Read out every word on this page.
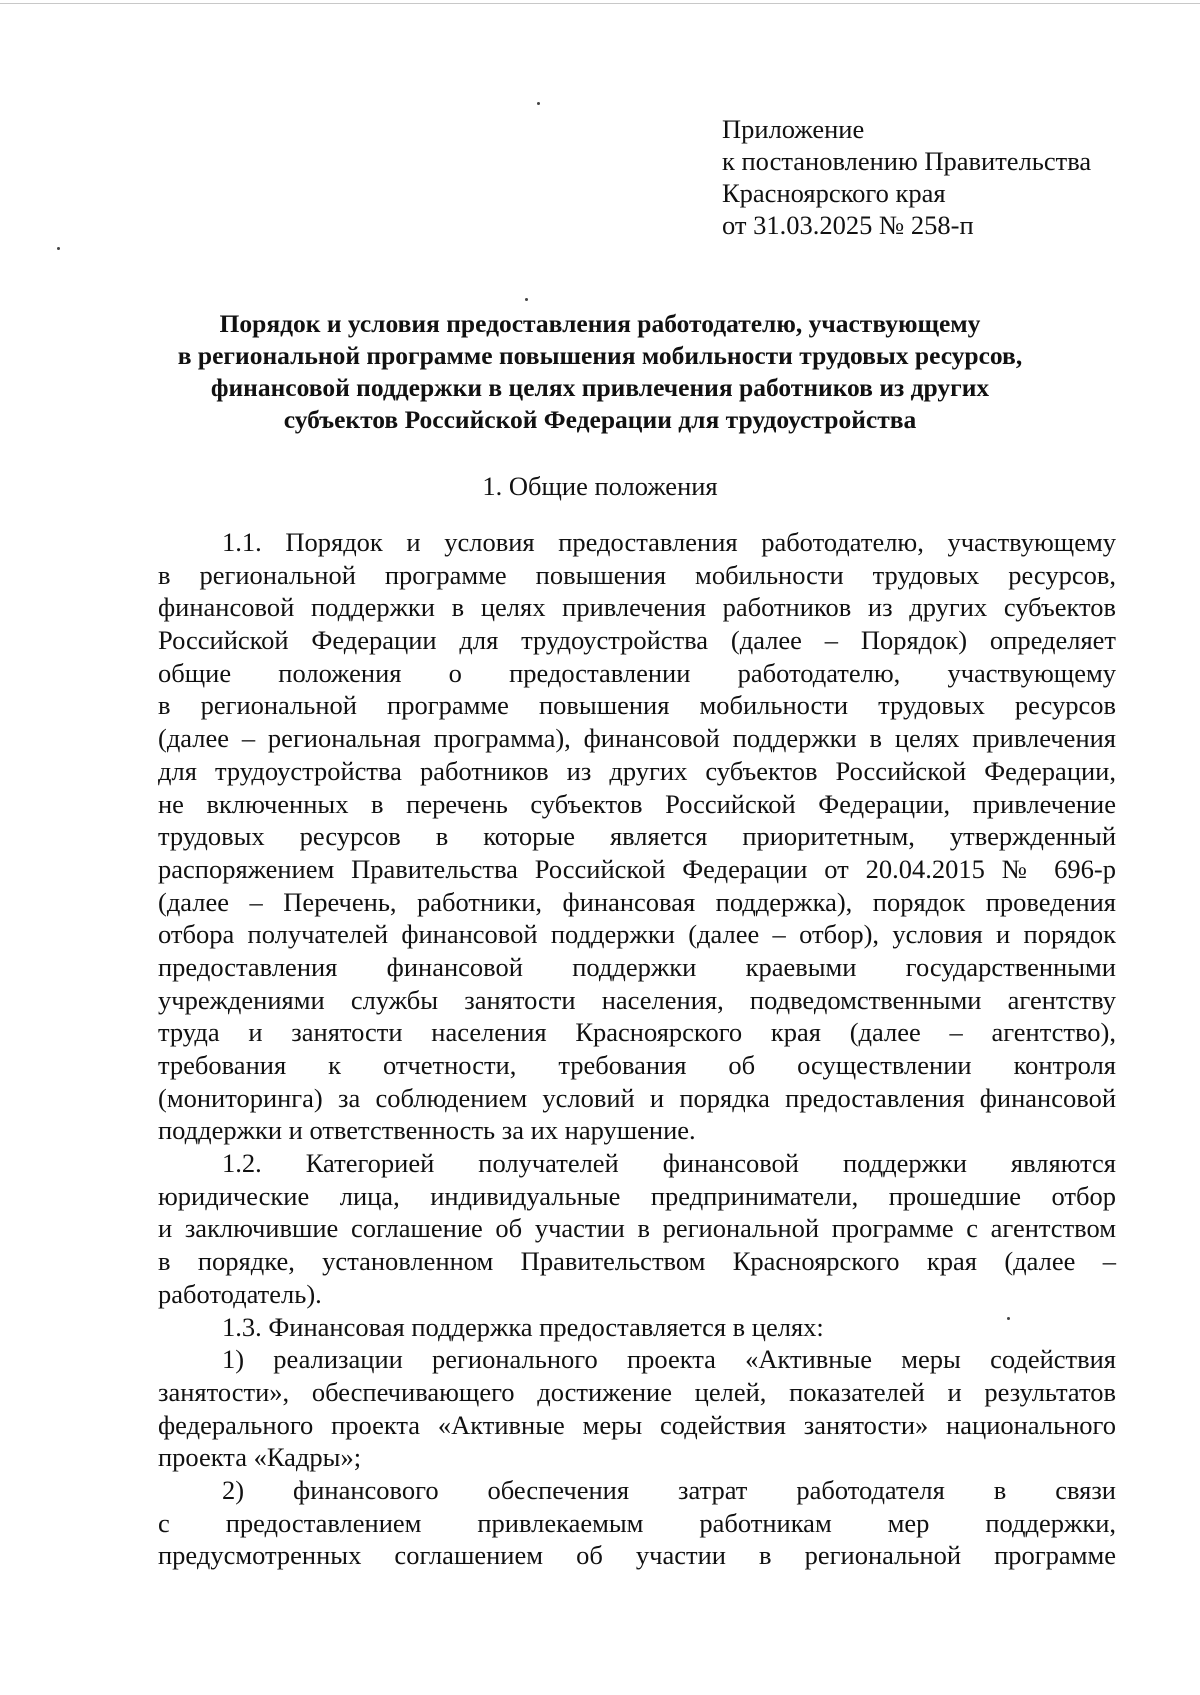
Приложение
к постановлению Правительства
Красноярского края
от 31.03.2025 № 258-п
Порядок и условия предоставления работодателю, участвующему
в региональной программе повышения мобильности трудовых ресурсов,
финансовой поддержки в целях привлечения работников из других
субъектов Российской Федерации для трудоустройства
1. Общие положения
1.1. Порядок и условия предоставления работодателю, участвующему
в региональной программе повышения мобильности трудовых ресурсов,
финансовой поддержки в целях привлечения работников из других субъектов
Российской Федерации для трудоустройства (далее – Порядок) определяет
общие положения о предоставлении работодателю, участвующему
в региональной программе повышения мобильности трудовых ресурсов
(далее – региональная программа), финансовой поддержки в целях привлечения
для трудоустройства работников из других субъектов Российской Федерации,
не включенных в перечень субъектов Российской Федерации, привлечение
трудовых ресурсов в которые является приоритетным, утвержденный
распоряжением Правительства Российской Федерации от 20.04.2015 № 696-р
(далее – Перечень, работники, финансовая поддержка), порядок проведения
отбора получателей финансовой поддержки (далее – отбор), условия и порядок
предоставления финансовой поддержки краевыми государственными
учреждениями службы занятости населения, подведомственными агентству
труда и занятости населения Красноярского края (далее – агентство),
требования к отчетности, требования об осуществлении контроля
(мониторинга) за соблюдением условий и порядка предоставления финансовой
поддержки и ответственность за их нарушение.
1.2. Категорией получателей финансовой поддержки являются
юридические лица, индивидуальные предприниматели, прошедшие отбор
и заключившие соглашение об участии в региональной программе с агентством
в порядке, установленном Правительством Красноярского края (далее –
работодатель).
1.3. Финансовая поддержка предоставляется в целях:
1) реализации регионального проекта «Активные меры содействия
занятости», обеспечивающего достижение целей, показателей и результатов
федерального проекта «Активные меры содействия занятости» национального
проекта «Кадры»;
2) финансового обеспечения затрат работодателя в связи
с предоставлением привлекаемым работникам мер поддержки,
предусмотренных соглашением об участии в региональной программе
